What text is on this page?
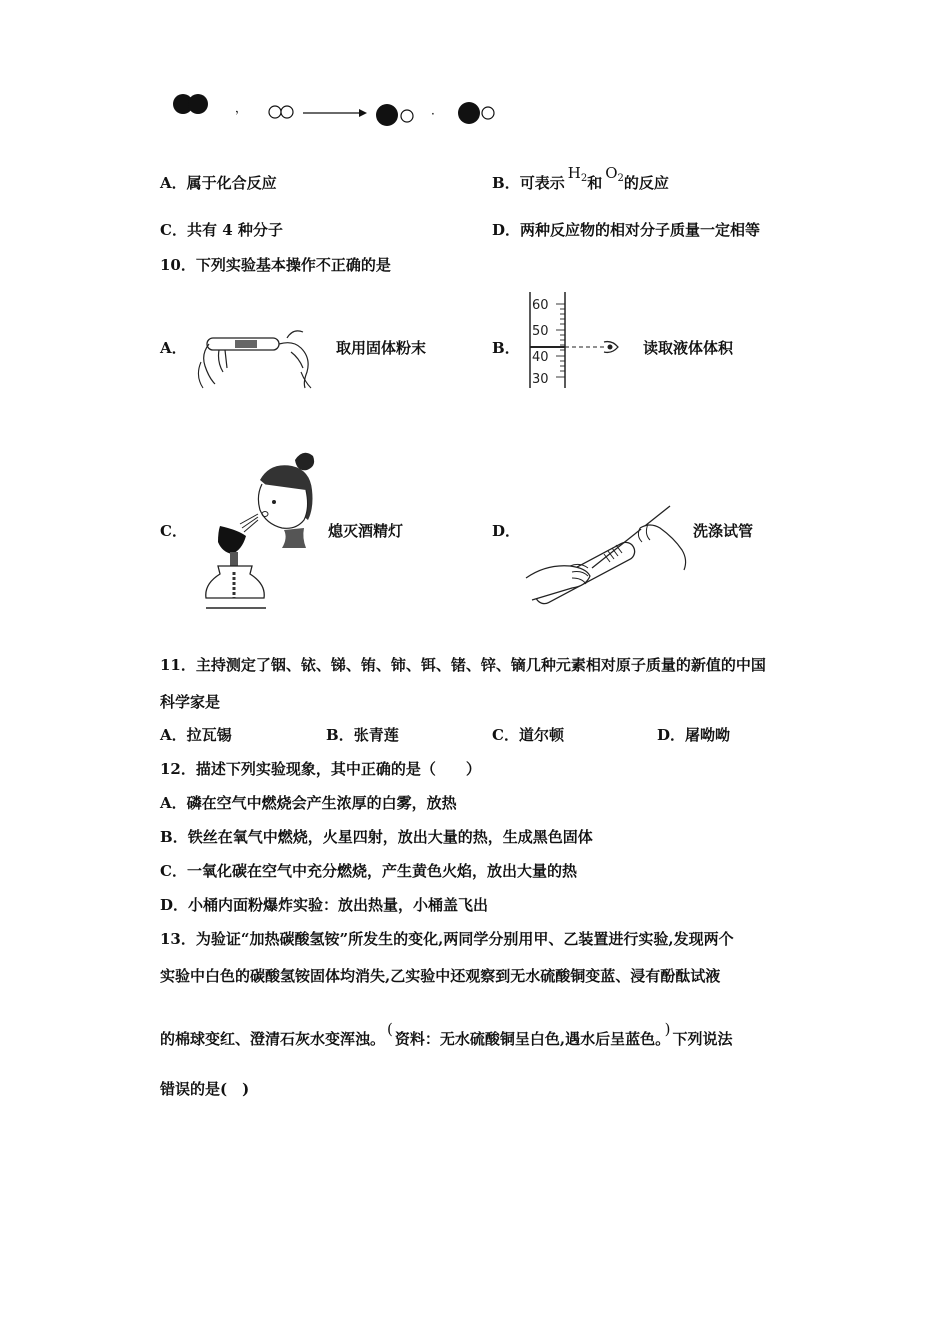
，	·
A．属于化合反应	B．可表示$H_2$和$O_2$的反应
C．共有 4 种分子	D．两种反应物的相对分子质量一定相等
10．下列实验基本操作不正确的是
A．	取用固体粉末	B．
60
50
40
30
读取液体体积
C．	熄灭酒精灯	D．	洗涤试管
11．主持测定了铟、铱、锑、铕、铈、铒、锗、锌、镝几种元素相对原子质量的新值的中国
科学家是
A．拉瓦锡	B．张青莲	C．道尔顿	D．屠呦呦
12．描述下列实验现象，其中正确的是（　　）
A．磷在空气中燃烧会产生浓厚的白雾，放热
B．铁丝在氧气中燃烧，火星四射，放出大量的热，生成黑色固体
C．一氧化碳在空气中充分燃烧，产生黄色火焰，放出大量的热
D．小桶内面粉爆炸实验：放出热量，小桶盖飞出
13．为验证“加热碳酸氢铵”所发生的变化,两同学分别用甲、乙装置进行实验,发现两个
实验中白色的碳酸氢铵固体均消失,乙实验中还观察到无水硫酸铜变蓝、浸有酚酞试液
的棉球变红、澄清石灰水变浑浊。(资料：无水硫酸铜呈白色,遇水后呈蓝色。)下列说法
错误的是(　)
